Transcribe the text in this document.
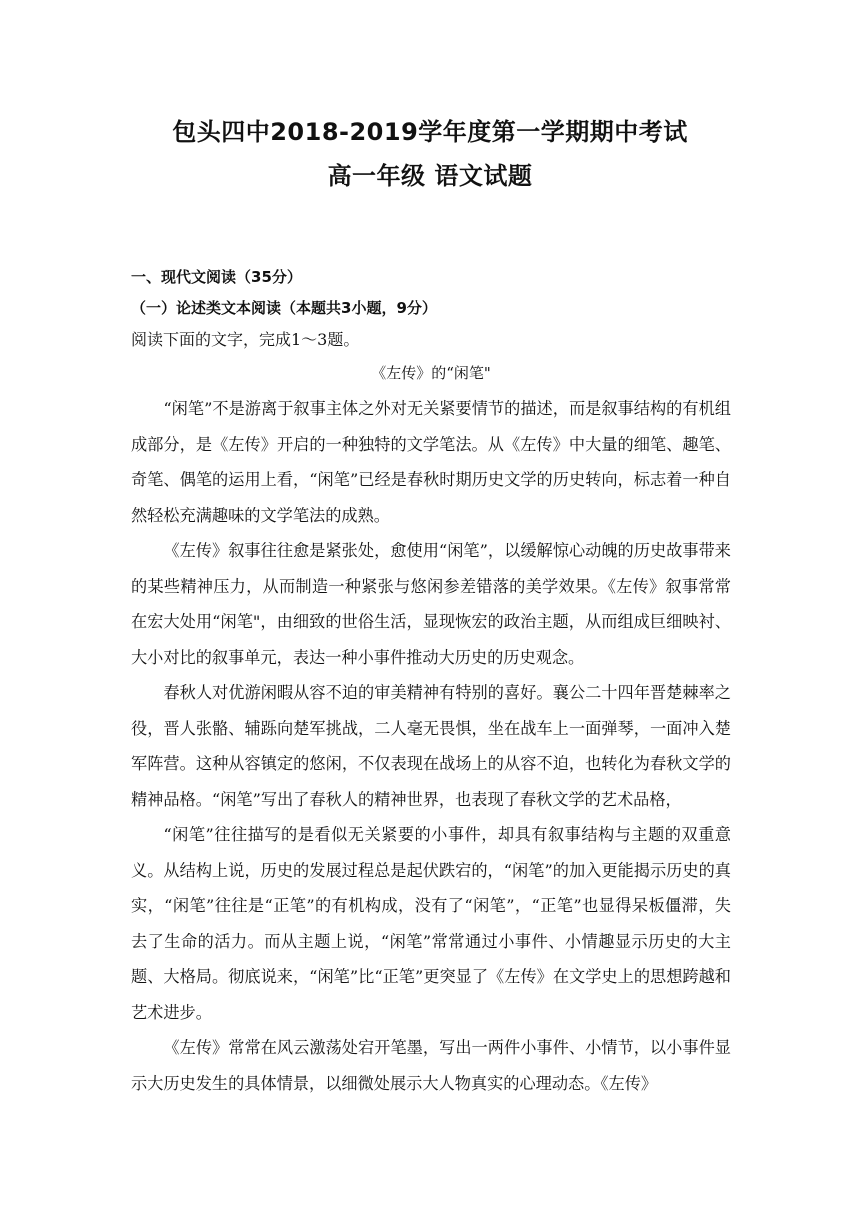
包头四中2018-2019学年度第一学期期中考试
高一年级 语文试题

一、现代文阅读（35分）

（一）论述类文本阅读（本题共3小题，9分）

阅读下面的文字，完成1～3题。

《左传》的“闲笔"

“闲笔”不是游离于叙事主体之外对无关紧要情节的描述，而是叙事结构的有机组成部分，是《左传》开启的一种独特的文学笔法。从《左传》中大量的细笔、趣笔、奇笔、偶笔的运用上看，“闲笔”已经是春秋时期历史文学的历史转向，标志着一种自然轻松充满趣味的文学笔法的成熟。

《左传》叙事往往愈是紧张处，愈使用“闲笔”，以缓解惊心动魄的历史故事带来的某些精神压力，从而制造一种紧张与悠闲参差错落的美学效果。《左传》叙事常常在宏大处用“闲笔"，由细致的世俗生活，显现恢宏的政治主题，从而组成巨细映衬、大小对比的叙事单元，表达一种小事件推动大历史的历史观念。

春秋人对优游闲暇从容不迫的审美精神有特别的喜好。襄公二十四年晋楚棘率之役，晋人张骼、辅跞向楚军挑战，二人毫无畏惧，坐在战车上一面弹琴，一面冲入楚军阵营。这种从容镇定的悠闲，不仅表现在战场上的从容不迫，也转化为春秋文学的精神品格。“闲笔”写出了春秋人的精神世界，也表现了春秋文学的艺术品格，

“闲笔”往往描写的是看似无关紧要的小事件，却具有叙事结构与主题的双重意义。从结构上说，历史的发展过程总是起伏跌宕的，“闲笔”的加入更能揭示历史的真实，“闲笔”往往是“正笔”的有机构成，没有了“闲笔”，“正笔”也显得呆板僵滞，失去了生命的活力。而从主题上说，“闲笔”常常通过小事件、小情趣显示历史的大主题、大格局。彻底说来，“闲笔”比“正笔”更突显了《左传》在文学史上的思想跨越和艺术进步。

《左传》常常在风云激荡处宕开笔墨，写出一两件小事件、小情节，以小事件显示大历史发生的具体情景，以细微处展示大人物真实的心理动态。《左传》
